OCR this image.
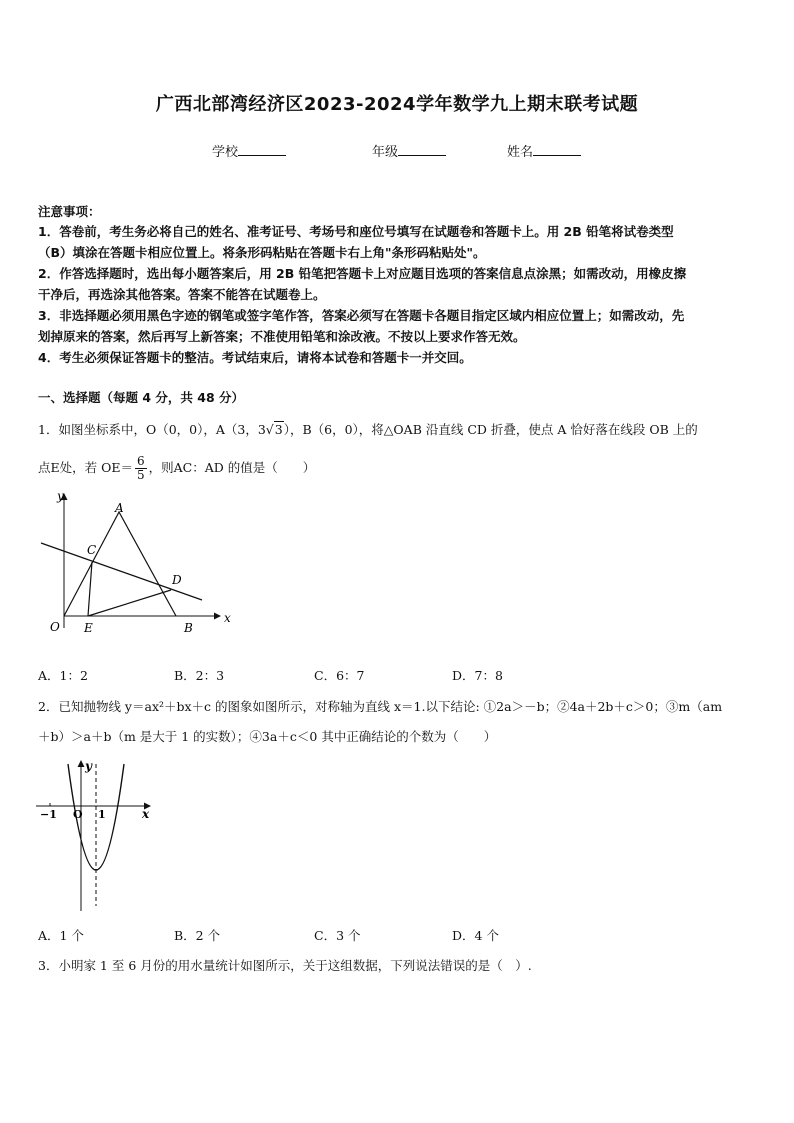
广西北部湾经济区2023-2024学年数学九上期末联考试题
学校	年级	姓名
注意事项：
1．答卷前，考生务必将自己的姓名、准考证号、考场号和座位号填写在试题卷和答题卡上。用 2B 铅笔将试卷类型
（B）填涂在答题卡相应位置上。将条形码粘贴在答题卡右上角"条形码粘贴处"。
2．作答选择题时，选出每小题答案后，用 2B 铅笔把答题卡上对应题目选项的答案信息点涂黑；如需改动，用橡皮擦
干净后，再选涂其他答案。答案不能答在试题卷上。
3．非选择题必须用黑色字迹的钢笔或签字笔作答，答案必须写在答题卡各题目指定区域内相应位置上；如需改动，先
划掉原来的答案，然后再写上新答案；不准使用铅笔和涂改液。不按以上要求作答无效。
4．考生必须保证答题卡的整洁。考试结束后，请将本试卷和答题卡一并交回。
一、选择题（每题 4 分，共 48 分）
1．如图坐标系中，O（0，0），A（3，3√3），B（6，0），将△OAB 沿直线 CD 折叠，使点 A 恰好落在线段 OB 上的
点E处，若 $OE= \frac{6}{5}$ ，则AC：AD 的值是（　　）
y
x
A
B
C
D
E
O
A．1：2	B．2：3	C．6：7	D．7：8
2．已知抛物线 y＝ax²＋bx＋c 的图象如图所示，对称轴为直线 x＝1.以下结论: ①2a＞－b；②4a＋2b＋c＞0；③m（am
＋b）＞a＋b（m 是大于 1 的实数）；④3a＋c＜0 其中正确结论的个数为（　　）
−1 O 1
y
x
A．1 个	B．2 个	C．3 个	D．4 个
3．小明家 1 至 6 月份的用水量统计如图所示，关于这组数据，下列说法错误的是（　）.
